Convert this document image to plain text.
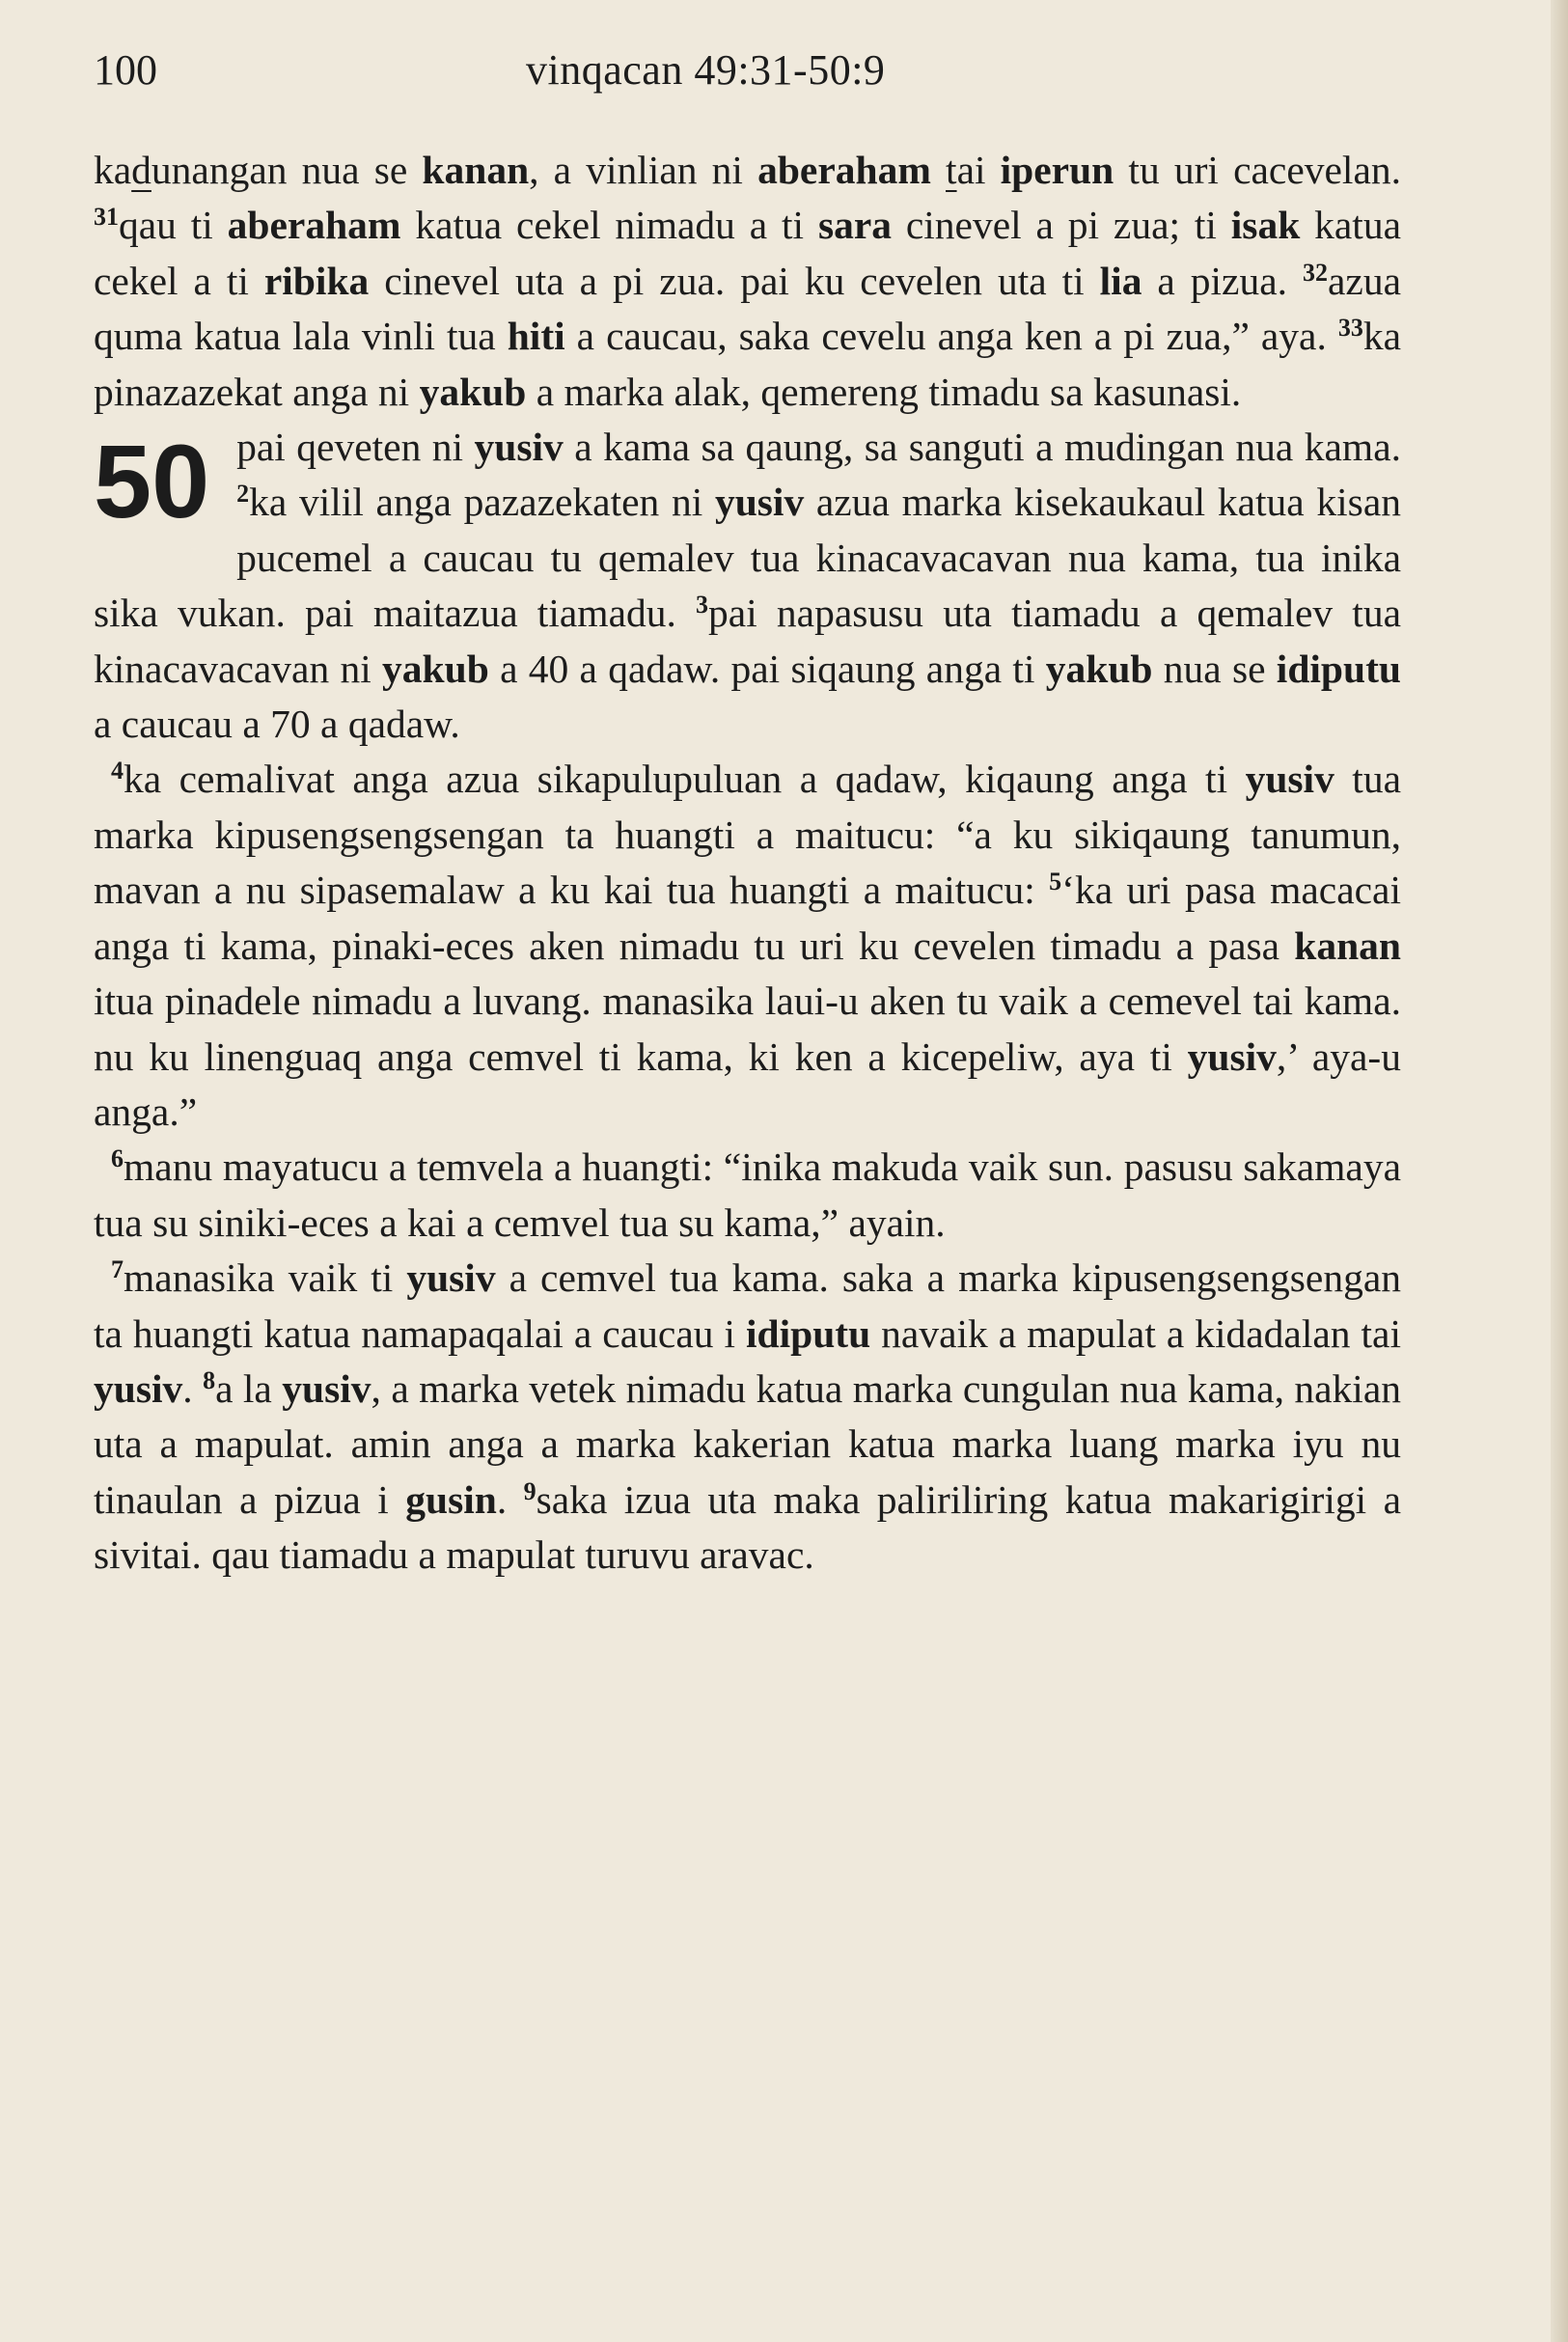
100	vinqacan 49:31-50:9

kadunangan nua se kanan, a vinlian ni aberaham tai iperun tu uri cacevelan. $^{31}$qau ti aberaham katua cekel nimadu a ti sara cinevel a pi zua; ti isak katua cekel a ti ribika cinevel uta a pi zua. pai ku cevelen uta ti lia a pizua. $^{32}$azua quma katua lala vinli tua hiti a caucau, saka cevelu anga ken a pi zua,” aya. $^{33}$ka pinazazekat anga ni yakub a marka alak, qemereng timadu sa kasunasi.

50 pai qeveten ni yusiv a kama sa qaung, sa sanguti a mudingan nua kama. $^2$ka vilil anga pazazekaten ni yusiv azua marka kisekaukaul katua kisan pucemel a caucau tu qemalev tua kinacavacavan nua kama, tua inika sika vukan. pai maitazua tiamadu. $^3$pai napasusu uta tiamadu a qemalev tua kinacavacavan ni yakub a 40 a qadaw. pai siqaung anga ti yakub nua se idiputu a caucau a 70 a qadaw.

$^4$ka cemalivat anga azua sikapulupuluan a qadaw, kiqaung anga ti yusiv tua marka kipusengsengsengan ta huangti a maitucu: “a ku sikiqaung tanumun, mavan a nu sipasemalaw a ku kai tua huangti a maitucu: $^5$‘ka uri pasa macacai anga ti kama, pinaki-eces aken nimadu tu uri ku cevelen timadu a pasa kanan itua pinadele nimadu a luvang. manasika laui-u aken tu vaik a cemevel tai kama. nu ku linenguaq anga cemvel ti kama, ki ken a kicepeliw, aya ti yusiv,’ aya-u anga.”

$^6$manu mayatucu a temvela a huangti: “inika makuda vaik sun. pasusu sakamaya tua su siniki-eces a kai a cemvel tua su kama,” ayain.

$^7$manasika vaik ti yusiv a cemvel tua kama. saka a marka kipusengsengsengan ta huangti katua namapaqalai a caucau i idiputu navaik a mapulat a kidadalan tai yusiv. $^8$a la yusiv, a marka vetek nimadu katua marka cungulan nua kama, nakian uta a mapulat. amin anga a marka kakerian katua marka luang marka iyu nu tinaulan a pizua i gusin. $^9$saka izua uta maka paliriliring katua makarigirigi a sivitai. qau tiamadu a mapulat turuvu aravac.
